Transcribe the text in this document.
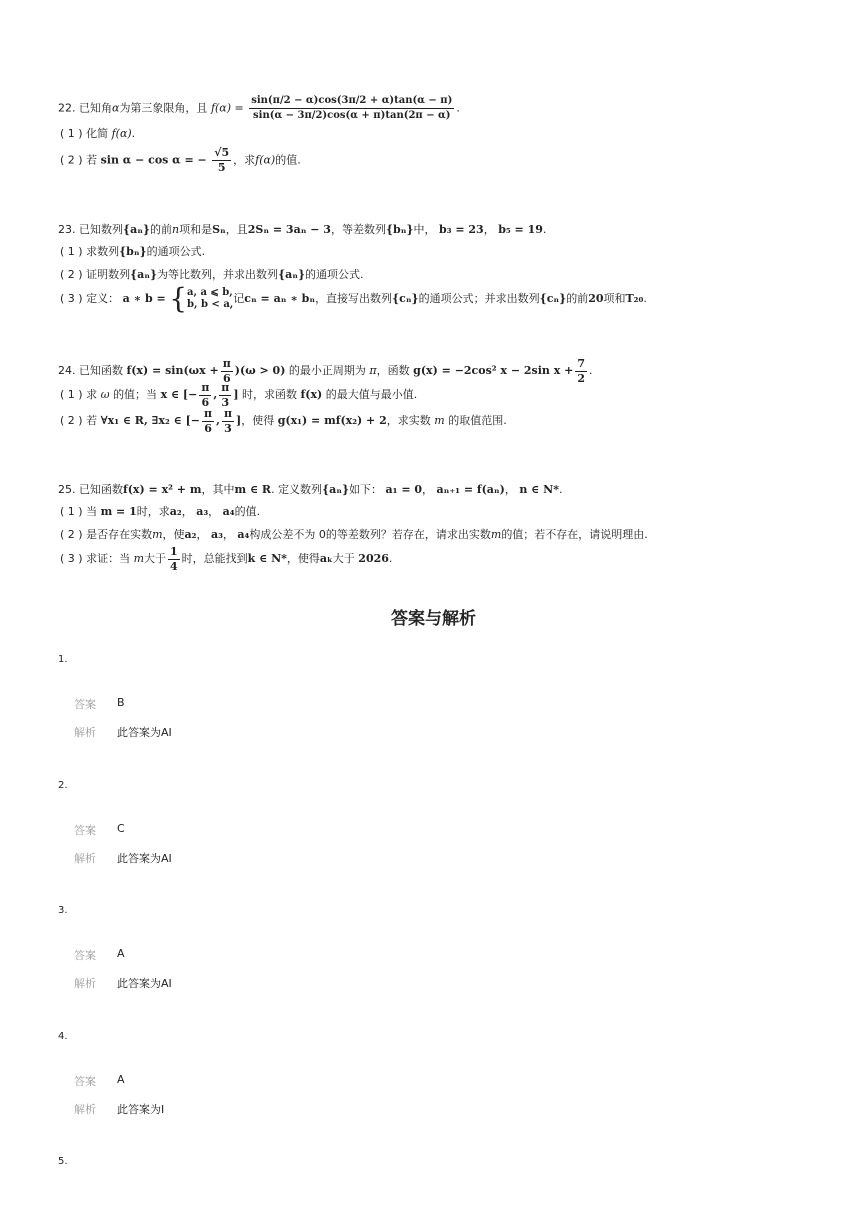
22. 已知角α为第三象限角，且 $f(\alpha) = \frac{\sin(\pi/2 - \alpha)\cos(3\pi/2 + \alpha)\tan(\alpha - \pi)}{\sin(\alpha - 3\pi/2)\cos(\alpha + \pi)\tan(2\pi - \alpha)}$ .
( 1 ) 化简 f(α).
( 2 ) 若 sin α − cos α = − $\frac{√5}{5}$ ，求f(α)的值.
23. 已知数列{aₙ}的前n项和是Sₙ，且2Sₙ = 3aₙ − 3，等差数列{bₙ}中， b₃ = 23， b₅ = 19.
( 1 ) 求数列{bₙ}的通项公式.
( 2 ) 证明数列{aₙ}为等比数列，并求出数列{aₙ}的通项公式.
( 3 ) 定义： a ∗ b = { a, a ⩽ b,
b, b < a, 记cₙ = aₙ ∗ bₙ，直接写出数列{cₙ}的通项公式；并求出数列{cₙ}的前20项和T₂₀.
24. 已知函数 $f(x) = \sin(\omega x + \frac{\pi}{6} )(\omega > 0)$ 的最小正周期为 π，函数 g(x) = −2cos² x − 2sin $x + \frac{7}{2}$ .
( 1 ) 求 ω 的值；当 x ∈ [− $\frac{\pi}{6}$ , $\frac{\pi}{3}$ ] 时，求函数 f(x) 的最大值与最小值.
( 2 ) 若 ∀x₁ ∈ R, ∃x₂ ∈ [− $\frac{\pi}{6}$ , $\frac{\pi}{3}$ ]，使得 g(x₁) = mf(x₂) + 2，求实数 m 的取值范围.
25. 已知函数f(x) = x² + m，其中m ∈ R. 定义数列{aₙ}如下： a₁ = 0， aₙ₊₁ = f(aₙ)， n ∈ N*.
( 1 ) 当 m = 1时，求a₂， a₃， a₄的值.
( 2 ) 是否存在实数m，使a₂， a₃， a₄构成公差不为 0的等差数列？若存在，请求出实数m的值；若不存在，请说明理由.
( 3 ) 求证：当 m大于 $\frac{1}{4}$ 时，总能找到k ∈ N*，使得aₖ大于 2026.
答案与解析
1.
答案 B
解析 此答案为AI
2.
答案 C
解析 此答案为AI
3.
答案 A
解析 此答案为AI
4.
答案 A
解析 此答案为I
5.
